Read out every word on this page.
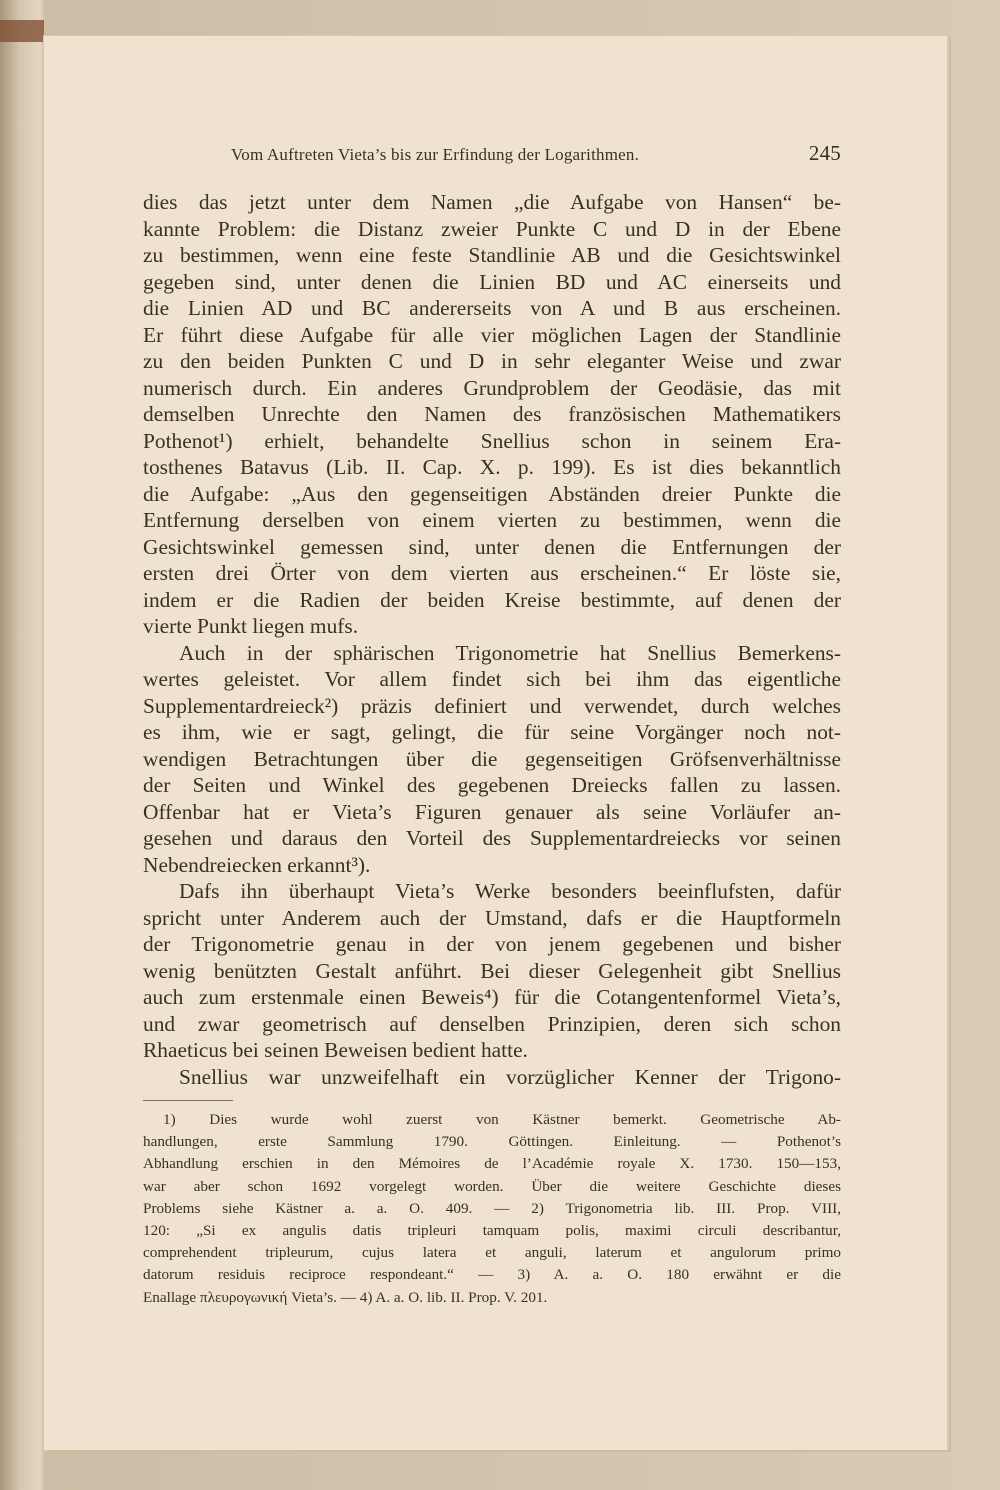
Vom Auftreten Vieta’s bis zur Erfindung der Logarithmen.	245
dies das jetzt unter dem Namen „die Aufgabe von Hansen“ be-
kannte Problem: die Distanz zweier Punkte C und D in der Ebene
zu bestimmen, wenn eine feste Standlinie AB und die Gesichtswinkel
gegeben sind, unter denen die Linien BD und AC einerseits und
die Linien AD und BC andererseits von A und B aus erscheinen.
Er führt diese Aufgabe für alle vier möglichen Lagen der Standlinie
zu den beiden Punkten C und D in sehr eleganter Weise und zwar
numerisch durch. Ein anderes Grundproblem der Geodäsie, das mit
demselben Unrechte den Namen des französischen Mathematikers
Pothenot¹) erhielt, behandelte Snellius schon in seinem Era-
tosthenes Batavus (Lib. II. Cap. X. p. 199). Es ist dies bekanntlich
die Aufgabe: „Aus den gegenseitigen Abständen dreier Punkte die
Entfernung derselben von einem vierten zu bestimmen, wenn die
Gesichtswinkel gemessen sind, unter denen die Entfernungen der
ersten drei Örter von dem vierten aus erscheinen.“ Er löste sie,
indem er die Radien der beiden Kreise bestimmte, auf denen der
vierte Punkt liegen mufs.
Auch in der sphärischen Trigonometrie hat Snellius Bemerkens-
wertes geleistet. Vor allem findet sich bei ihm das eigentliche
Supplementardreieck²) präzis definiert und verwendet, durch welches
es ihm, wie er sagt, gelingt, die für seine Vorgänger noch not-
wendigen Betrachtungen über die gegenseitigen Gröfsenverhältnisse
der Seiten und Winkel des gegebenen Dreiecks fallen zu lassen.
Offenbar hat er Vieta’s Figuren genauer als seine Vorläufer an-
gesehen und daraus den Vorteil des Supplementardreiecks vor seinen
Nebendreiecken erkannt³).
Dafs ihn überhaupt Vieta’s Werke besonders beeinflufsten, dafür
spricht unter Anderem auch der Umstand, dafs er die Hauptformeln
der Trigonometrie genau in der von jenem gegebenen und bisher
wenig benützten Gestalt anführt. Bei dieser Gelegenheit gibt Snellius
auch zum erstenmale einen Beweis⁴) für die Cotangentenformel Vieta’s,
und zwar geometrisch auf denselben Prinzipien, deren sich schon
Rhaeticus bei seinen Beweisen bedient hatte.
Snellius war unzweifelhaft ein vorzüglicher Kenner der Trigono-
1) Dies wurde wohl zuerst von Kästner bemerkt. Geometrische Ab-
handlungen, erste Sammlung 1790. Göttingen. Einleitung. — Pothenot’s
Abhandlung erschien in den Mémoires de l’Académie royale X. 1730. 150—153,
war aber schon 1692 vorgelegt worden. Über die weitere Geschichte dieses
Problems siehe Kästner a. a. O. 409. — 2) Trigonometria lib. III. Prop. VIII,
120: „Si ex angulis datis tripleuri tamquam polis, maximi circuli describantur,
comprehendent tripleurum, cujus latera et anguli, laterum et angulorum primo
datorum residuis reciproce respondeant.“ — 3) A. a. O. 180 erwähnt er die
Enallage πλευρογωνική Vieta’s. — 4) A. a. O. lib. II. Prop. V. 201.
